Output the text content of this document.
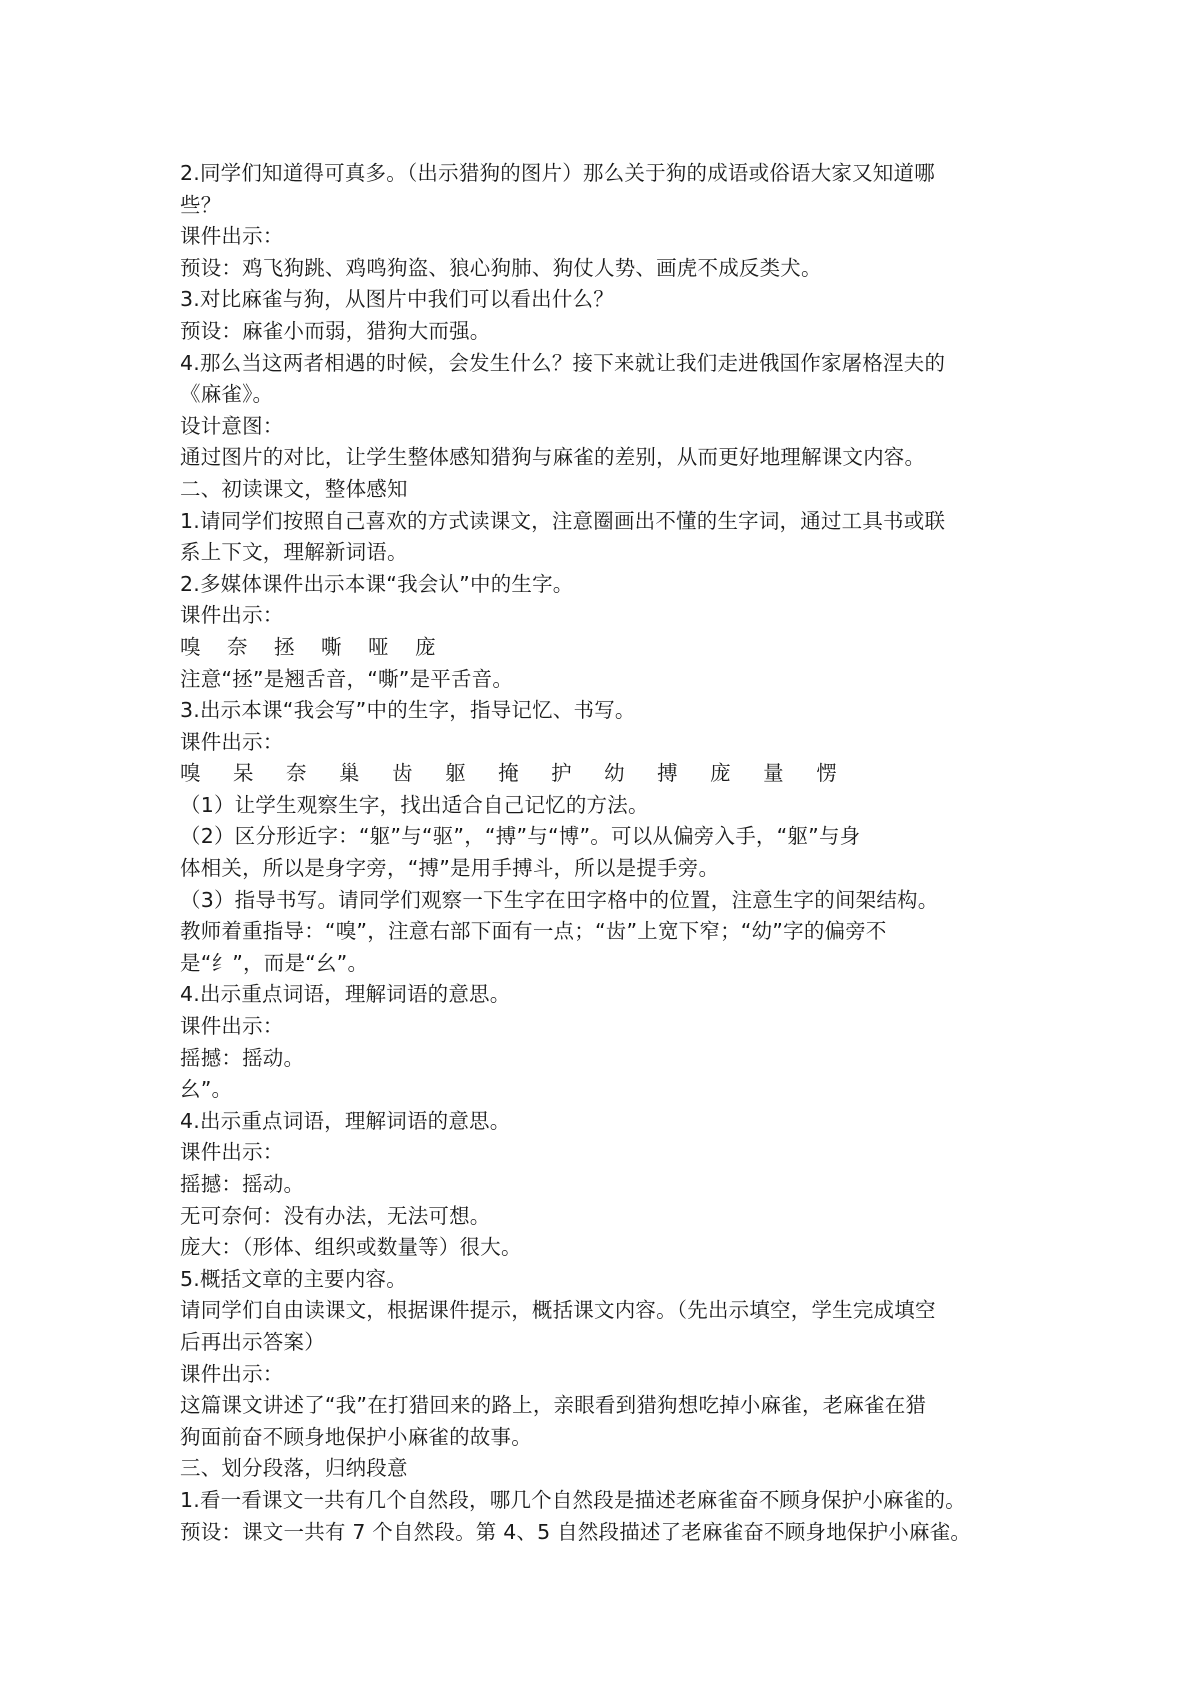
2.同学们知道得可真多。（出示猎狗的图片）那么关于狗的成语或俗语大家又知道哪
些？
课件出示：
预设：鸡飞狗跳、鸡鸣狗盗、狼心狗肺、狗仗人势、画虎不成反类犬。
3.对比麻雀与狗，从图片中我们可以看出什么？
预设：麻雀小而弱，猎狗大而强。
4.那么当这两者相遇的时候，会发生什么？接下来就让我们走进俄国作家屠格涅夫的
《麻雀》。
设计意图：
通过图片的对比，让学生整体感知猎狗与麻雀的差别，从而更好地理解课文内容。
二、初读课文，整体感知
1.请同学们按照自己喜欢的方式读课文，注意圈画出不懂的生字词，通过工具书或联
系上下文，理解新词语。
2.多媒体课件出示本课“我会认”中的生字。
课件出示：
嗅 奈 拯 嘶 哑 庞
注意“拯”是翘舌音，“嘶”是平舌音。
3.出示本课“我会写”中的生字，指导记忆、书写。
课件出示：
嗅 呆 奈 巢 齿 躯 掩 护 幼 搏 庞 量 愣
（1）让学生观察生字，找出适合自己记忆的方法。
（2）区分形近字：“躯”与“驱”，“搏”与“博”。可以从偏旁入手，“躯”与身
体相关，所以是身字旁，“搏”是用手搏斗，所以是提手旁。
（3）指导书写。请同学们观察一下生字在田字格中的位置，注意生字的间架结构。
教师着重指导：“嗅”，注意右部下面有一点；“齿”上宽下窄；“幼”字的偏旁不
是“纟”，而是“幺”。
4.出示重点词语，理解词语的意思。
课件出示：
摇撼：摇动。
幺”。
4.出示重点词语，理解词语的意思。
课件出示：
摇撼：摇动。
无可奈何：没有办法，无法可想。
庞大：（形体、组织或数量等）很大。
5.概括文章的主要内容。
请同学们自由读课文，根据课件提示，概括课文内容。（先出示填空，学生完成填空
后再出示答案）
课件出示：
这篇课文讲述了“我”在打猎回来的路上，亲眼看到猎狗想吃掉小麻雀，老麻雀在猎
狗面前奋不顾身地保护小麻雀的故事。
三、划分段落，归纳段意
1.看一看课文一共有几个自然段，哪几个自然段是描述老麻雀奋不顾身保护小麻雀的。
预设：课文一共有 7 个自然段。第 4、5 自然段描述了老麻雀奋不顾身地保护小麻雀。
